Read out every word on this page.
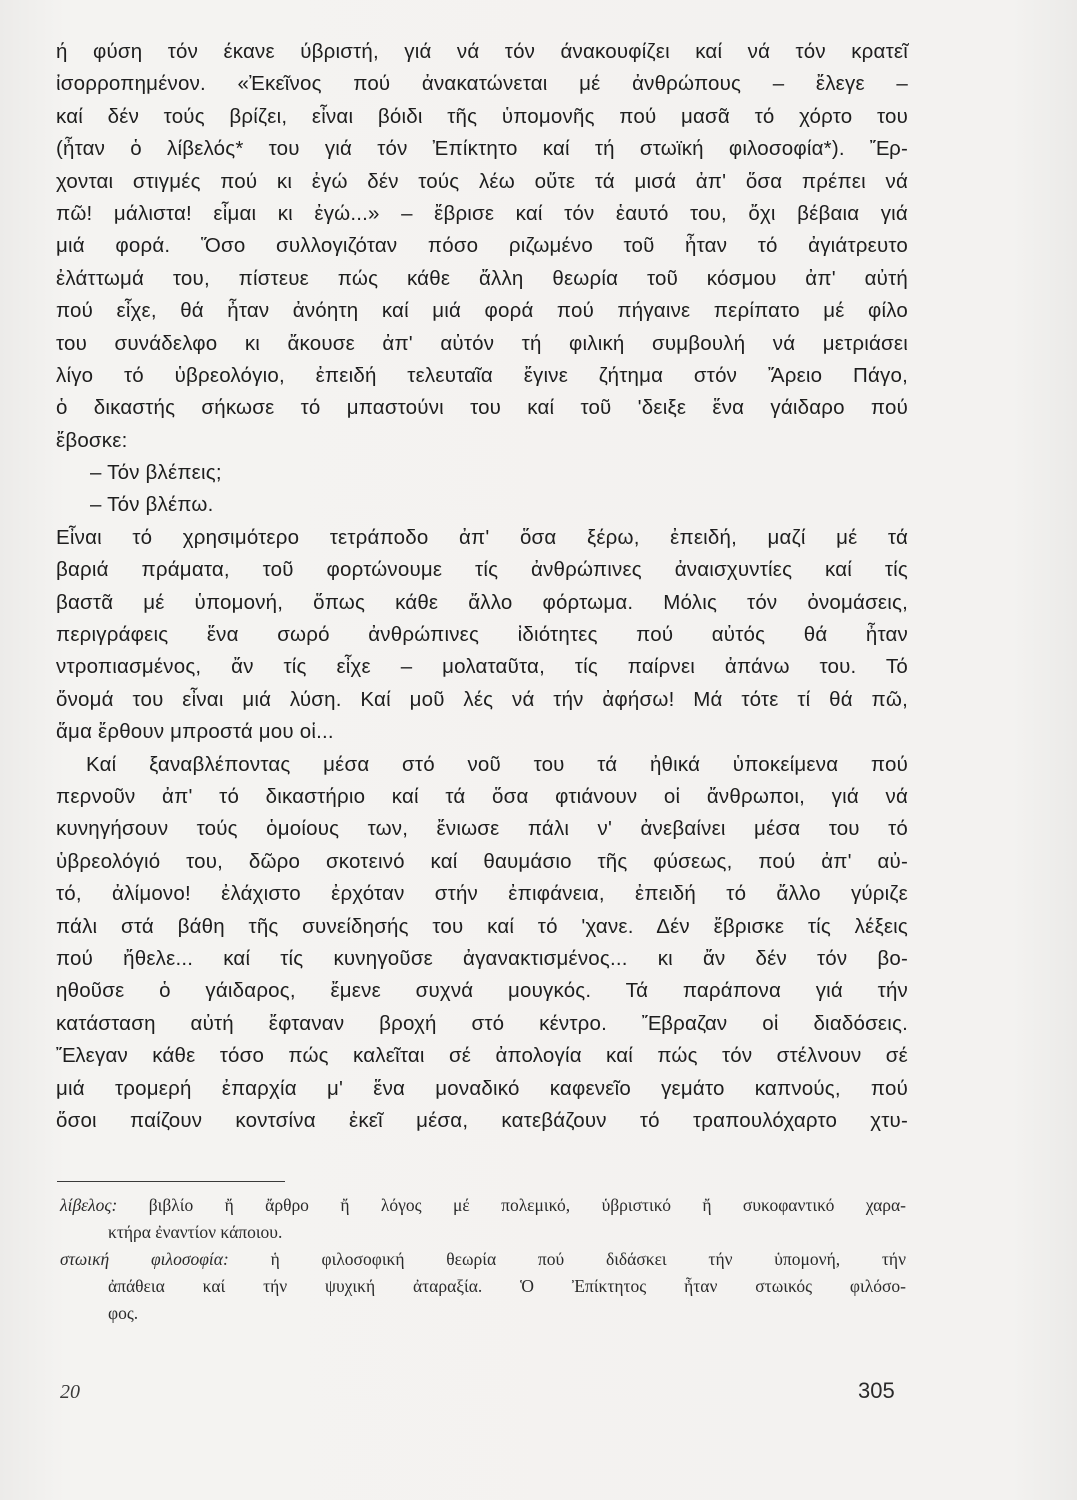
ή φύση τόν έκανε ύβριστή, γιά νά τόν άνακουφίζει καί νά τόν κρατεῖ
ἰσορροπημένον. «Ἐκεῖνος πού ἀνακατώνεται μέ ἀνθρώπους – ἔλεγε –
καί δέν τούς βρίζει, εἶναι βόιδι τῆς ὑπομονῆς πού μασᾶ τό χόρτο του
(ἦταν ὁ λίβελός* του γιά τόν Ἐπίκτητο καί τή στωϊκή φιλοσοφία*). Ἔρ-
χονται στιγμές πού κι ἐγώ δέν τούς λέω οὔτε τά μισά ἀπ' ὅσα πρέπει νά
πῶ! μάλιστα! εἶμαι κι ἐγώ...» – ἔβρισε καί τόν ἑαυτό του, ὄχι βέβαια γιά
μιά φορά. Ὅσο συλλογιζόταν πόσο ριζωμένο τοῦ ἦταν τό ἀγιάτρευτο
ἐλάττωμά του, πίστευε πώς κάθε ἄλλη θεωρία τοῦ κόσμου ἀπ' αὐτή
πού εἶχε, θά ἦταν ἀνόητη καί μιά φορά πού πήγαινε περίπατο μέ φίλο
του συνάδελφο κι ἄκουσε ἀπ' αὐτόν τή φιλική συμβουλή νά μετριάσει
λίγο τό ὑβρεολόγιο, ἐπειδή τελευταῖα ἔγινε ζήτημα στόν Ἄρειο Πάγο,
ὁ δικαστής σήκωσε τό μπαστούνι του καί τοῦ 'δειξε ἕνα γάιδαρο πού
ἔβοσκε:
– Τόν βλέπεις;
– Τόν βλέπω.
Εἶναι τό χρησιμότερο τετράποδο ἀπ' ὅσα ξέρω, ἐπειδή, μαζί μέ τά
βαριά πράματα, τοῦ φορτώνουμε τίς ἀνθρώπινες ἀναισχυντίες καί τίς
βαστᾶ μέ ὑπομονή, ὅπως κάθε ἄλλο φόρτωμα. Μόλις τόν ὀνομάσεις,
περιγράφεις ἕνα σωρό ἀνθρώπινες ἰδιότητες πού αὐτός θά ἦταν
ντροπιασμένος, ἄν τίς εἶχε – μολαταῦτα, τίς παίρνει ἀπάνω του. Τό
ὄνομά του εἶναι μιά λύση. Καί μοῦ λές νά τήν ἀφήσω! Μά τότε τί θά πῶ,
ἅμα ἔρθουν μπροστά μου οἱ...
Καί ξαναβλέποντας μέσα στό νοῦ του τά ἠθικά ὑποκείμενα πού
περνοῦν ἀπ' τό δικαστήριο καί τά ὅσα φτιάνουν οἱ ἄνθρωποι, γιά νά
κυνηγήσουν τούς ὁμοίους των, ἔνιωσε πάλι ν' ἀνεβαίνει μέσα του τό
ὑβρεολόγιό του, δῶρο σκοτεινό καί θαυμάσιο τῆς φύσεως, πού ἀπ' αὐ-
τό, ἀλίμονο! ἐλάχιστο ἐρχόταν στήν ἐπιφάνεια, ἐπειδή τό ἄλλο γύριζε
πάλι στά βάθη τῆς συνείδησής του καί τό 'χανε. Δέν ἔβρισκε τίς λέξεις
πού ἤθελε... καί τίς κυνηγοῦσε ἀγανακτισμένος... κι ἄν δέν τόν βο-
ηθοῦσε ὁ γάιδαρος, ἔμενε συχνά μουγκός. Τά παράπονα γιά τήν
κατάσταση αὐτή ἔφταναν βροχή στό κέντρο. Ἔβραζαν οἱ διαδόσεις.
Ἔλεγαν κάθε τόσο πώς καλεῖται σέ ἀπολογία καί πώς τόν στέλνουν σέ
μιά τρομερή ἐπαρχία μ' ἕνα μοναδικό καφενεῖο γεμάτο καπνούς, πού
ὅσοι παίζουν κοντσίνα ἐκεῖ μέσα, κατεβάζουν τό τραπουλόχαρτο χτυ-
λίβελος: βιβλίο ἤ ἄρθρο ἤ λόγος μέ πολεμικό, ὑβριστικό ἤ συκοφαντικό χαρα-
κτήρα ἐναντίον κάποιου.
στωική φιλοσοφία: ἡ φιλοσοφική θεωρία πού διδάσκει τήν ὑπομονή, τήν
ἀπάθεια καί τήν ψυχική ἀταραξία. Ὁ Ἐπίκτητος ἦταν στωικός φιλόσο-
φος.
20	305
